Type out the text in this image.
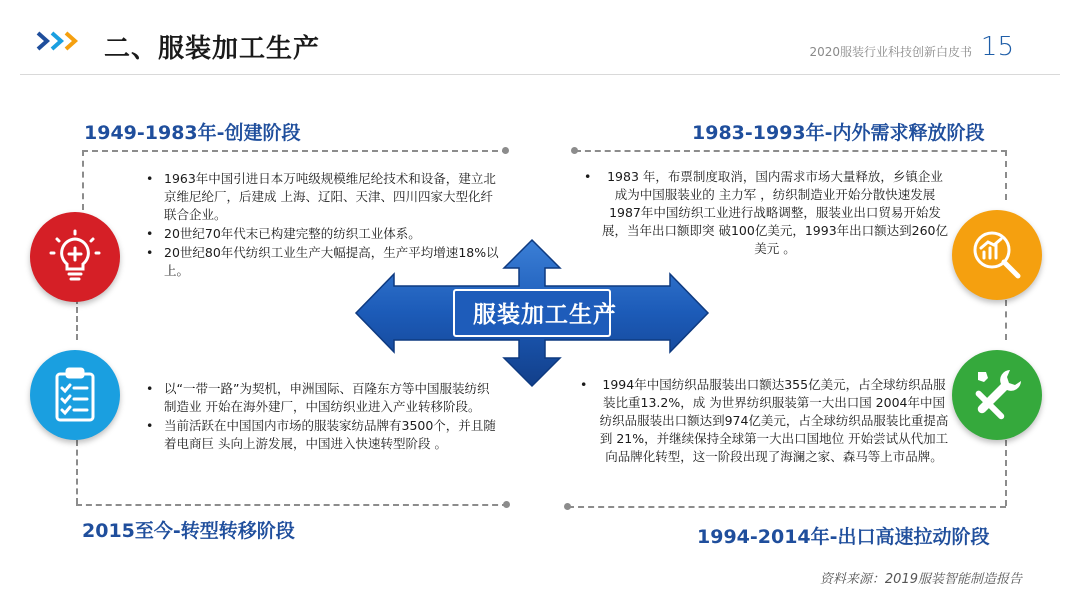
二、服装加工生产	2020服装行业科技创新白皮书 15
1949-1983年-创建阶段	1983-1993年-内外需求释放阶段
2015至今-转型转移阶段	1994-2014年-出口高速拉动阶段
服装加工生产
• 1963年中国引进日本万吨级规模维尼纶技术和设备，建立北京维尼纶厂，后建成 上海、辽阳、天津、四川四家大型化纤联合企业。
• 20世纪70年代末已构建完整的纺织工业体系。
• 20世纪80年代纺织工业生产大幅提高，生产平均增速18%以上。
• 1983 年，布票制度取消，国内需求市场大量释放，乡镇企业成为中国服装业的 主力军 ，纺织制造业开始分散快速发展 1987年中国纺织工业进行战略调整，服装业出口贸易开始发展，当年出口额即突 破100亿美元，1993年出口额达到260亿美元 。
• 以“一带一路”为契机，申洲国际、百隆东方等中国服装纺织制造业 开始在海外建厂，中国纺织业进入产业转移阶段。
• 当前活跃在中国国内市场的服装家纺品牌有3500个，并且随着电商巨 头向上游发展，中国进入快速转型阶段 。
• 1994年中国纺织品服装出口额达355亿美元，占全球纺织品服装比重13.2%，成 为世界纺织服装第一大出口国 2004年中国纺织品服装出口额达到974亿美元，占全球纺织品服装比重提高到 21%，并继续保持全球第一大出口国地位 开始尝试从代加工向品牌化转型，这一阶段出现了海澜之家、森马等上市品牌。
资料来源：2019服装智能制造报告
